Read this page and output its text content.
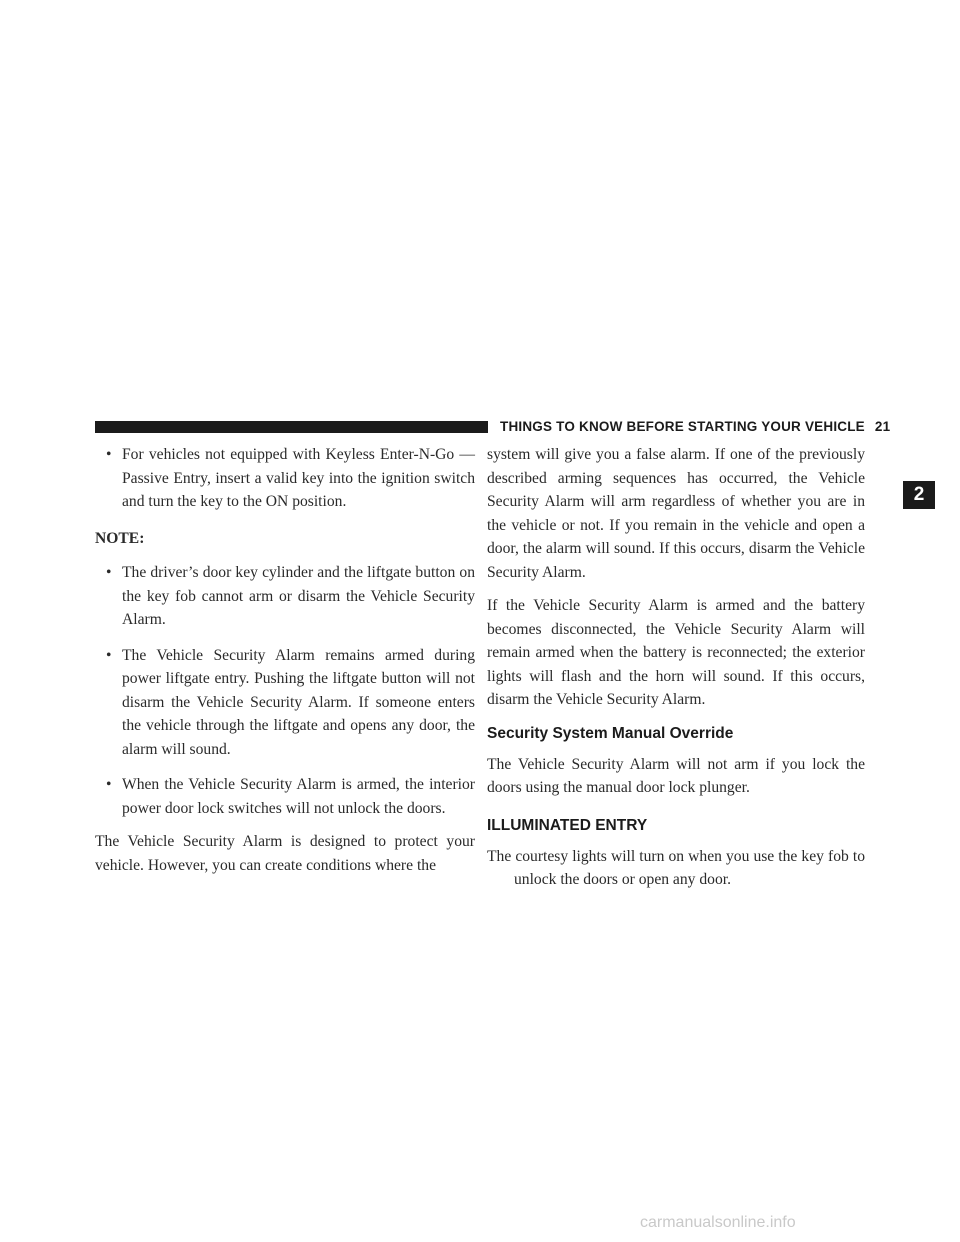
THINGS TO KNOW BEFORE STARTING YOUR VEHICLE 21
2
• For vehicles not equipped with Keyless Enter-N-Go — Passive Entry, insert a valid key into the ignition switch and turn the key to the ON position.

NOTE:

• The driver’s door key cylinder and the liftgate button on the key fob cannot arm or disarm the Vehicle Security Alarm.
• The Vehicle Security Alarm remains armed during power liftgate entry. Pushing the liftgate button will not disarm the Vehicle Security Alarm. If someone enters the vehicle through the liftgate and opens any door, the alarm will sound.
• When the Vehicle Security Alarm is armed, the interior power door lock switches will not unlock the doors.

The Vehicle Security Alarm is designed to protect your vehicle. However, you can create conditions where the

system will give you a false alarm. If one of the previously described arming sequences has occurred, the Vehicle Security Alarm will arm regardless of whether you are in the vehicle or not. If you remain in the vehicle and open a door, the alarm will sound. If this occurs, disarm the Vehicle Security Alarm.

If the Vehicle Security Alarm is armed and the battery becomes disconnected, the Vehicle Security Alarm will remain armed when the battery is reconnected; the exterior lights will flash and the horn will sound. If this occurs, disarm the Vehicle Security Alarm.

Security System Manual Override

The Vehicle Security Alarm will not arm if you lock the doors using the manual door lock plunger.

ILLUMINATED ENTRY

The courtesy lights will turn on when you use the key fob to unlock the doors or open any door.

carmanualsonline.info
